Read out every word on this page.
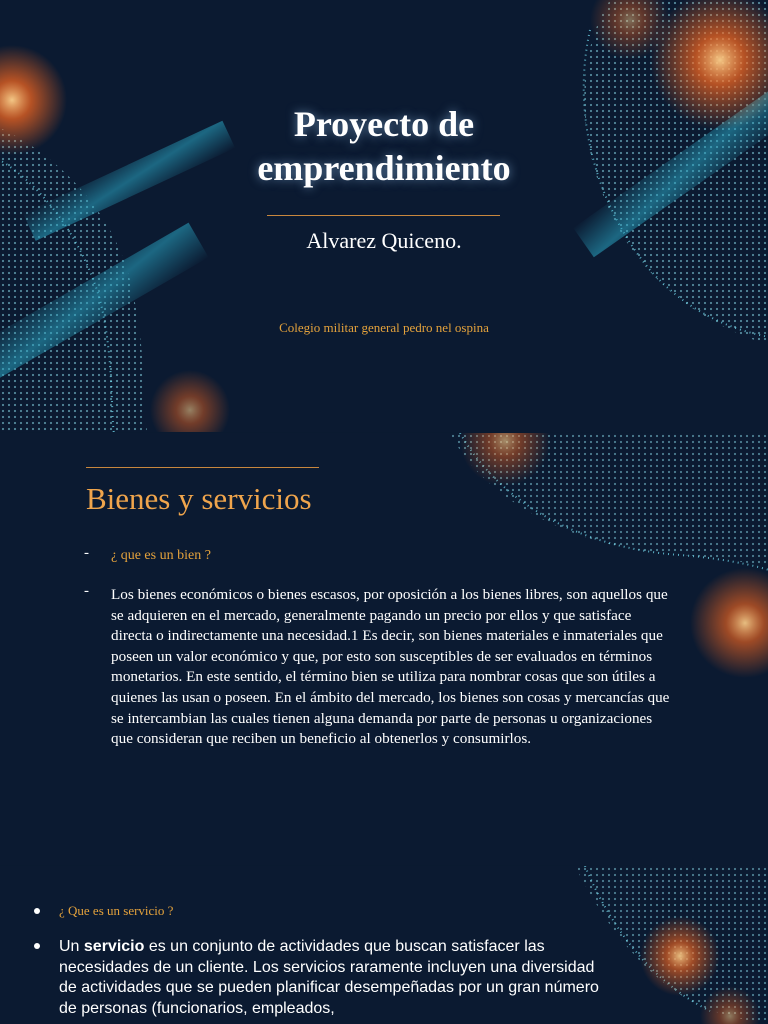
Proyecto de
emprendimiento
Alvarez Quiceno.
Colegio militar general pedro nel ospina
Bienes y servicios
- ¿ que es un bien ?
- Los bienes económicos o bienes escasos, por oposición a los bienes libres, son aquellos que se adquieren en el mercado, generalmente pagando un precio por ellos y que satisface directa o indirectamente una necesidad.1 Es decir, son bienes materiales e inmateriales que poseen un valor económico y que, por esto son susceptibles de ser evaluados en términos monetarios. En este sentido, el término bien se utiliza para nombrar cosas que son útiles a quienes las usan o poseen. En el ámbito del mercado, los bienes son cosas y mercancías que se intercambian las cuales tienen alguna demanda por parte de personas u organizaciones que consideran que reciben un beneficio al obtenerlos y consumirlos.
¿ Que es un servicio ?
Un servicio es un conjunto de actividades que buscan satisfacer las necesidades de un cliente. Los servicios raramente incluyen una diversidad de actividades que se pueden planificar desempeñadas por un gran número de personas (funcionarios, empleados,
